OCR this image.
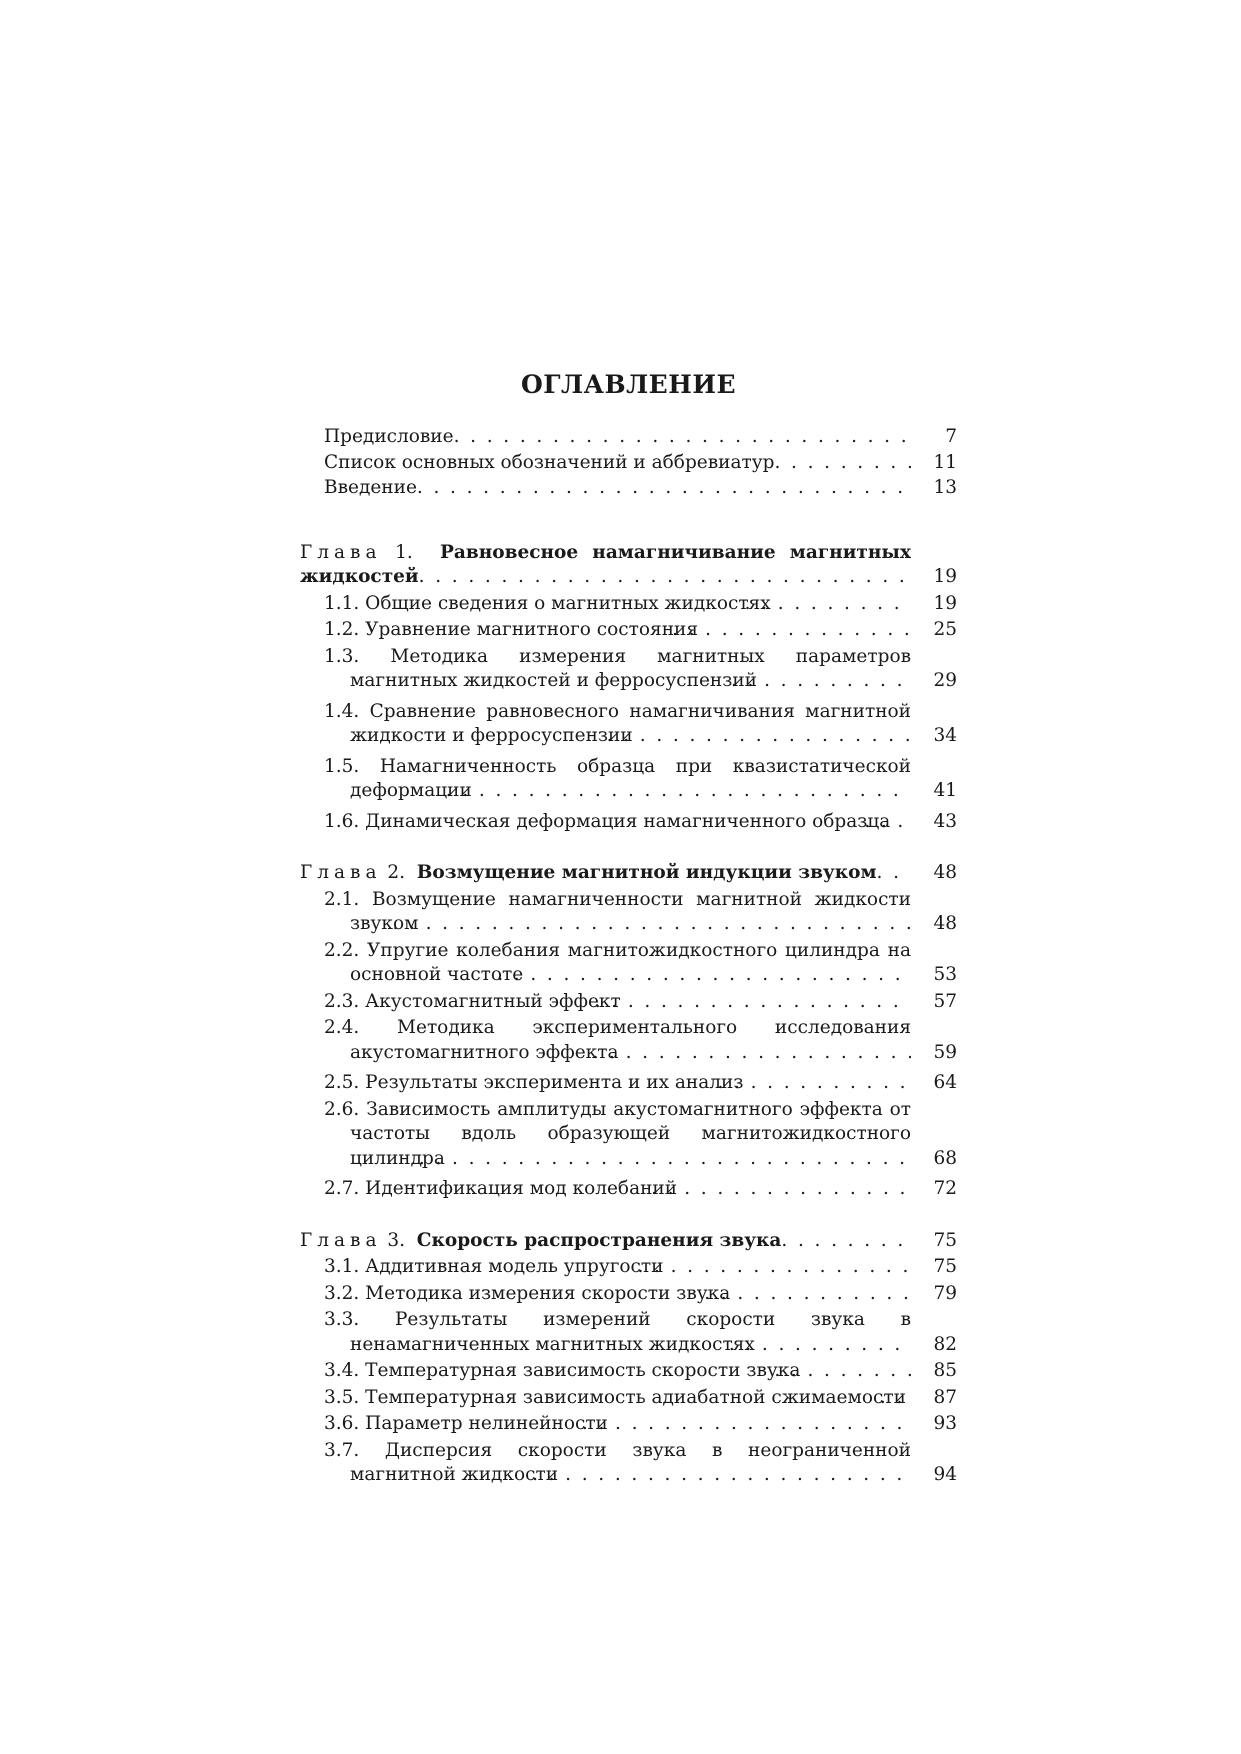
ОГЛАВЛЕНИЕ
Предисловие . . .	7
Список основных обозначений и аббревиатур . . .	11
Введение . . .	13
Глава 1. Равновесное намагничивание магнитных жидкостей . . .	19
1.1. Общие сведения о магнитных жидкостях . . .	19
1.2. Уравнение магнитного состояния . . .	25
1.3. Методика измерения магнитных параметров магнитных жидкостей и ферросуспензий . . .	29
1.4. Сравнение равновесного намагничивания магнитной жидкости и ферросуспензии . . .	34
1.5. Намагниченность образца при квазистатической деформации . . .	41
1.6. Динамическая деформация намагниченного образца . . .	43
Глава 2. Возмущение магнитной индукции звуком . . .	48
2.1. Возмущение намагниченности магнитной жидкости звуком . . .	48
2.2. Упругие колебания магнитожидкостного цилиндра на основной частоте . . .	53
2.3. Акустомагнитный эффект . . .	57
2.4. Методика экспериментального исследования акустомагнитного эффекта . . .	59
2.5. Результаты эксперимента и их анализ . . .	64
2.6. Зависимость амплитуды акустомагнитного эффекта от частоты вдоль образующей магнитожидкостного цилиндра . . .	68
2.7. Идентификация мод колебаний . . .	72
Глава 3. Скорость распространения звука . . .	75
3.1. Аддитивная модель упругости . . .	75
3.2. Методика измерения скорости звука . . .	79
3.3. Результаты измерений скорости звука в ненамагниченных магнитных жидкостях . . .	82
3.4. Температурная зависимость скорости звука . . .	85
3.5. Температурная зависимость адиабатной сжимаемости . . .	87
3.6. Параметр нелинейности . . .	93
3.7. Дисперсия скорости звука в неограниченной магнитной жидкости . . .	94
